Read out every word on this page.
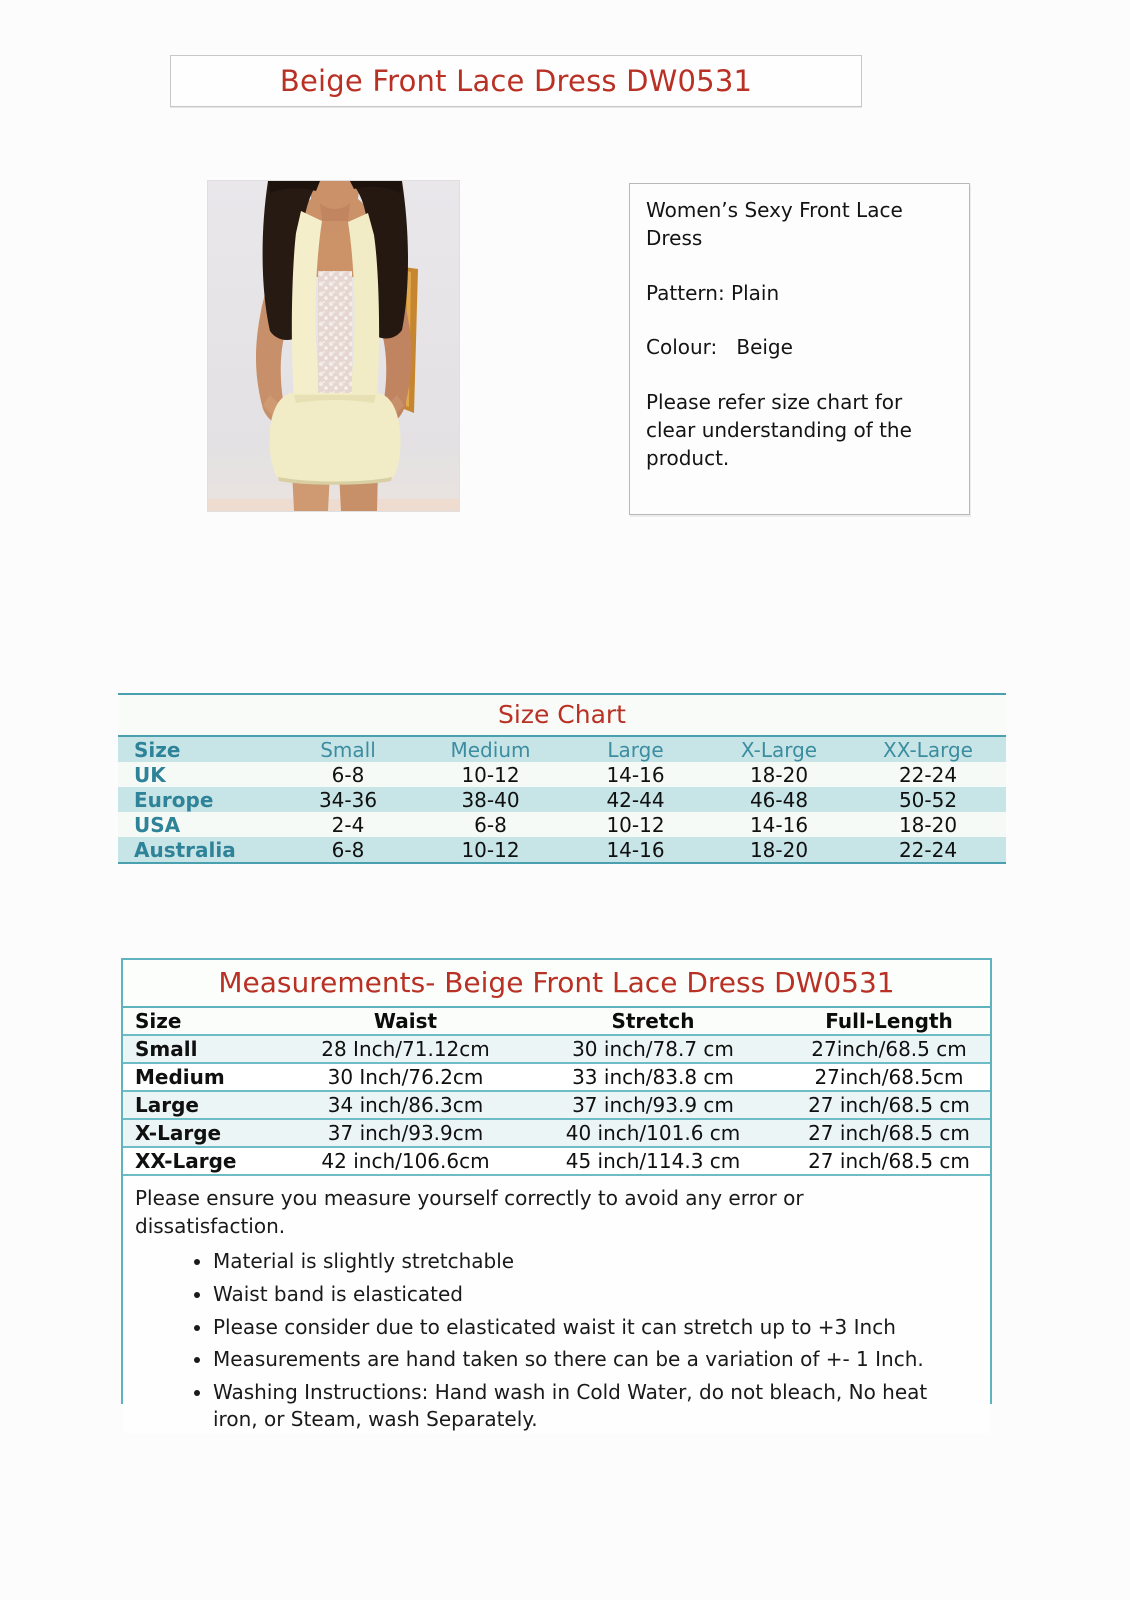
Beige Front Lace Dress DW0531

Women’s Sexy Front Lace Dress

Pattern: Plain

Colour:   Beige

Please refer size chart for clear understanding of the product.

Size Chart
Size	Small	Medium	Large	X-Large	XX-Large
UK	6-8	10-12	14-16	18-20	22-24
Europe	34-36	38-40	42-44	46-48	50-52
USA	2-4	6-8	10-12	14-16	18-20
Australia	6-8	10-12	14-16	18-20	22-24
Measurements- Beige Front Lace Dress DW0531
Size	Waist	Stretch	Full-Length
Small	28 Inch/71.12cm	30 inch/78.7 cm	27inch/68.5 cm
Medium	30 Inch/76.2cm	33 inch/83.8 cm	27inch/68.5cm
Large	34 inch/86.3cm	37 inch/93.9 cm	27 inch/68.5 cm
X-Large	37 inch/93.9cm	40 inch/101.6 cm	27 inch/68.5 cm
XX-Large	42 inch/106.6cm	45 inch/114.3 cm	27 inch/68.5 cm

Please ensure you measure yourself correctly to avoid any error or dissatisfaction.

• Material is slightly stretchable
• Waist band is elasticated
• Please consider due to elasticated waist it can stretch up to +3 Inch
• Measurements are hand taken so there can be a variation of +- 1 Inch.
• Washing Instructions: Hand wash in Cold Water, do not bleach, No heat iron, or Steam, wash Separately.
